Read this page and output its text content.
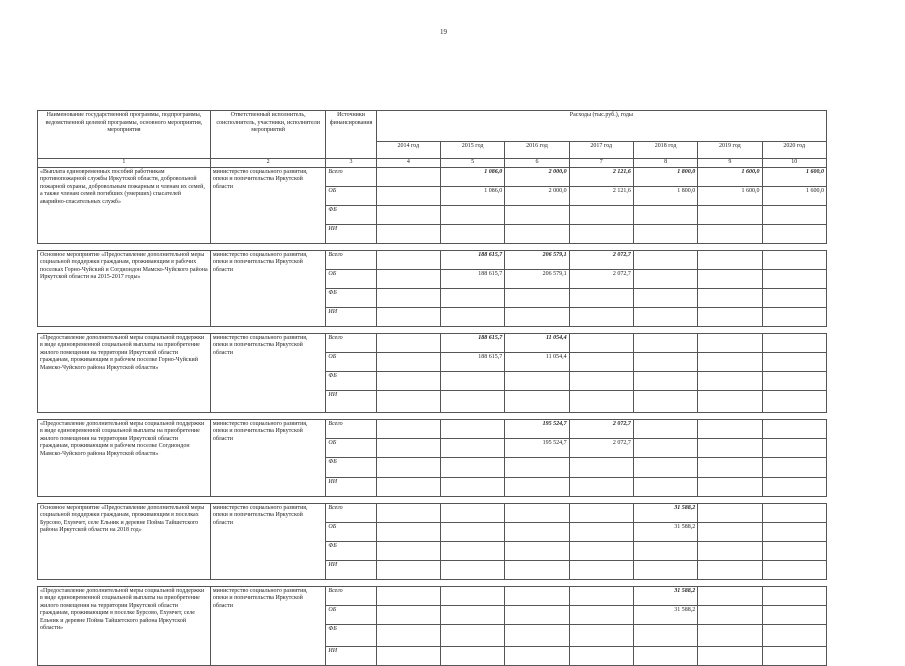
19
Наименование государственной программы, подпрограммы, ведомственной целевой программы, основного мероприятия, мероприятия	Ответственный исполнитель, соисполнитель, участники, исполнители мероприятий	Источники финансирования	Расходы (тыс.руб.), годы						
			2014 год	2015 год	2016 год	2017 год	2018 год	2019 год	2020 год
1	2	3	4	5	6	7	8	9	10
«Выплата единовременных пособий работникам противопожарной службы Иркутской области, добровольной пожарной охраны, добровольным пожарным и членам их семей, а также членам семей погибших (умерших) спасателей аварийно-спасательных служб»	министерство социального развития, опеки и попечительства Иркутской области	Всего		1 086,0	2 000,0	2 121,6	1 800,0	1 600,0	1 600,0
		ОБ		1 086,0	2 000,0	2 121,6	1 800,0	1 600,0	1 600,0
		ФБ							
		ИИ							

Основное мероприятие «Предоставление дополнительной меры социальной поддержки гражданам, проживающим в рабочих поселках Горно-Чуйский и Согдиондон Мамско-Чуйского района Иркутской области на 2015-2017 годы»	министерство социального развития, опеки и попечительства Иркутской области	Всего		188 615,7	206 579,1	2 072,7			
		ОБ		188 615,7	206 579,1	2 072,7			
		ФБ							
		ИИ							

«Предоставление дополнительной меры социальной поддержки в виде единовременной социальной выплаты на приобретение жилого помещения на территории Иркутской области гражданам, проживающим в рабочем поселке Горно-Чуйский Мамско-Чуйского района Иркутской области»	министерство социального развития, опеки и попечительства Иркутской области	Всего		188 615,7	11 054,4				
		ОБ		188 615,7	11 054,4				
		ФБ							
		ИИ							

«Предоставление дополнительной меры социальной поддержки в виде единовременной социальной выплаты на приобретение жилого помещения на территории Иркутской области гражданам, проживающим в рабочем поселке Согдиондон Мамско-Чуйского района Иркутской области»	министерство социального развития, опеки и попечительства Иркутской области	Всего			195 524,7	2 072,7			
		ОБ			195 524,7	2 072,7			
		ФБ							
		ИИ							

Основное мероприятие «Предоставление дополнительной меры социальной поддержки гражданам, проживающим в поселках Бурсово, Ехумчет, селе Ельник и деревне Пойма Тайшетского района Иркутской области на 2018 год»	министерство социального развития, опеки и попечительства Иркутской области	Всего					31 588,2		
		ОБ					31 588,2		
		ФБ							
		ИИ							

«Предоставление дополнительной меры социальной поддержки в виде единовременной социальной выплаты на приобретение жилого помещения на территории Иркутской области гражданам, проживающим в поселке Бурсово, Ехумчет, селе Ельник и деревне Пойма Тайшетского района Иркутской области»	министерство социального развития, опеки и попечительства Иркутской области	Всего					31 588,2		
		ОБ					31 588,2		
		ФБ							
		ИИ							
